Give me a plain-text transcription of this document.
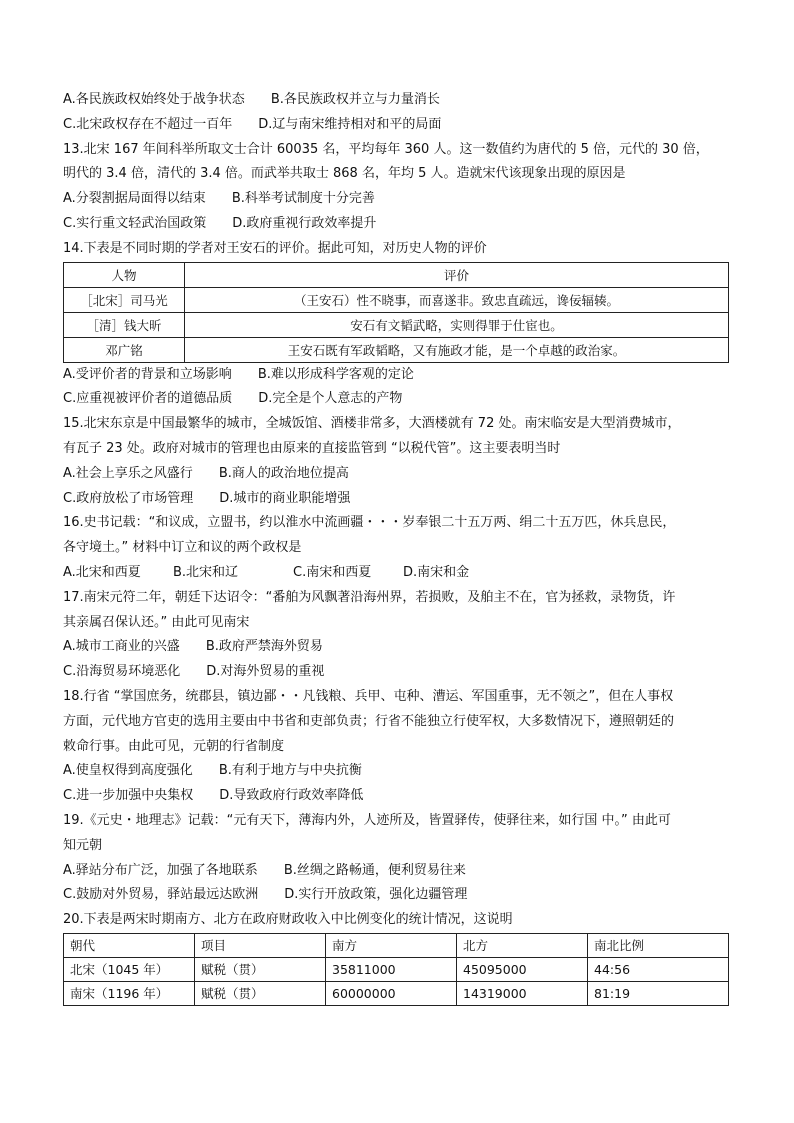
A.各民族政权始终处于战争状态 B.各民族政权并立与力量消长
C.北宋政权存在不超过一百年 D.辽与南宋维持相对和平的局面
13.北宋 167 年间科举所取文士合计 60035 名，平均每年 360 人。这一数值约为唐代的 5 倍，元代的 30 倍，
明代的 3.4 倍，清代的 3.4 倍。而武举共取士 868 名，年均 5 人。造就宋代该现象出现的原因是
A.分裂割据局面得以结束 B.科举考试制度十分完善
C.实行重文轻武治国政策 D.政府重视行政效率提升
14.下表是不同时期的学者对王安石的评价。据此可知，对历史人物的评价
人物	评价
［北宋］司马光	（王安石）性不晓事，而喜遂非。致忠直疏远，谗佞辐辏。
［清］钱大昕	安石有文韬武略，实则得罪于仕宦也。
邓广铭	王安石既有军政韬略，又有施政才能，是一个卓越的政治家。
A.受评价者的背景和立场影响 B.难以形成科学客观的定论
C.应重视被评价者的道德品质 D.完全是个人意志的产物
15.北宋东京是中国最繁华的城市，全城饭馆、酒楼非常多，大酒楼就有 72 处。南宋临安是大型消费城市，
有瓦子 23 处。政府对城市的管理也由原来的直接监管到 “以税代管”。这主要表明当时
A.社会上享乐之风盛行 B.商人的政治地位提高
C.政府放松了市场管理 D.城市的商业职能增强
16.史书记载：“和议成，立盟书，约以淮水中流画疆・・・岁奉银二十五万两、绢二十五万匹，休兵息民，
各守境土。” 材料中订立和议的两个政权是
A.北宋和西夏	B.北宋和辽	C.南宋和西夏	D.南宋和金
17.南宋元符二年，朝廷下达诏令：“番舶为风飘著沿海州界，若损败，及舶主不在，官为拯救，录物货，许
其亲属召保认还。” 由此可见南宋
A.城市工商业的兴盛 B.政府严禁海外贸易
C.沿海贸易环境恶化 D.对海外贸易的重视
18.行省 “掌国庶务，统郡县，镇边鄙・・凡钱粮、兵甲、屯种、漕运、军国重事，无不领之”，但在人事权
方面，元代地方官吏的选用主要由中书省和吏部负责；行省不能独立行使军权，大多数情况下，遵照朝廷的
敕命行事。由此可见，元朝的行省制度
A.使皇权得到高度强化 B.有利于地方与中央抗衡
C.进一步加强中央集权 D.导致政府行政效率降低
19.《元史・地理志》记载：“元有天下，薄海内外，人迹所及，皆置驿传，使驿往来，如行国 中。” 由此可
知元朝
A.驿站分布广泛，加强了各地联系 B.丝绸之路畅通，便利贸易往来
C.鼓励对外贸易，驿站最远达欧洲 D.实行开放政策，强化边疆管理
20.下表是两宋时期南方、北方在政府财政收入中比例变化的统计情况，这说明
朝代	项目	南方	北方	南北比例
北宋（1045 年）	赋税（贯）	35811000	45095000	44:56
南宋（1196 年）	赋税（贯）	60000000	14319000	81:19
